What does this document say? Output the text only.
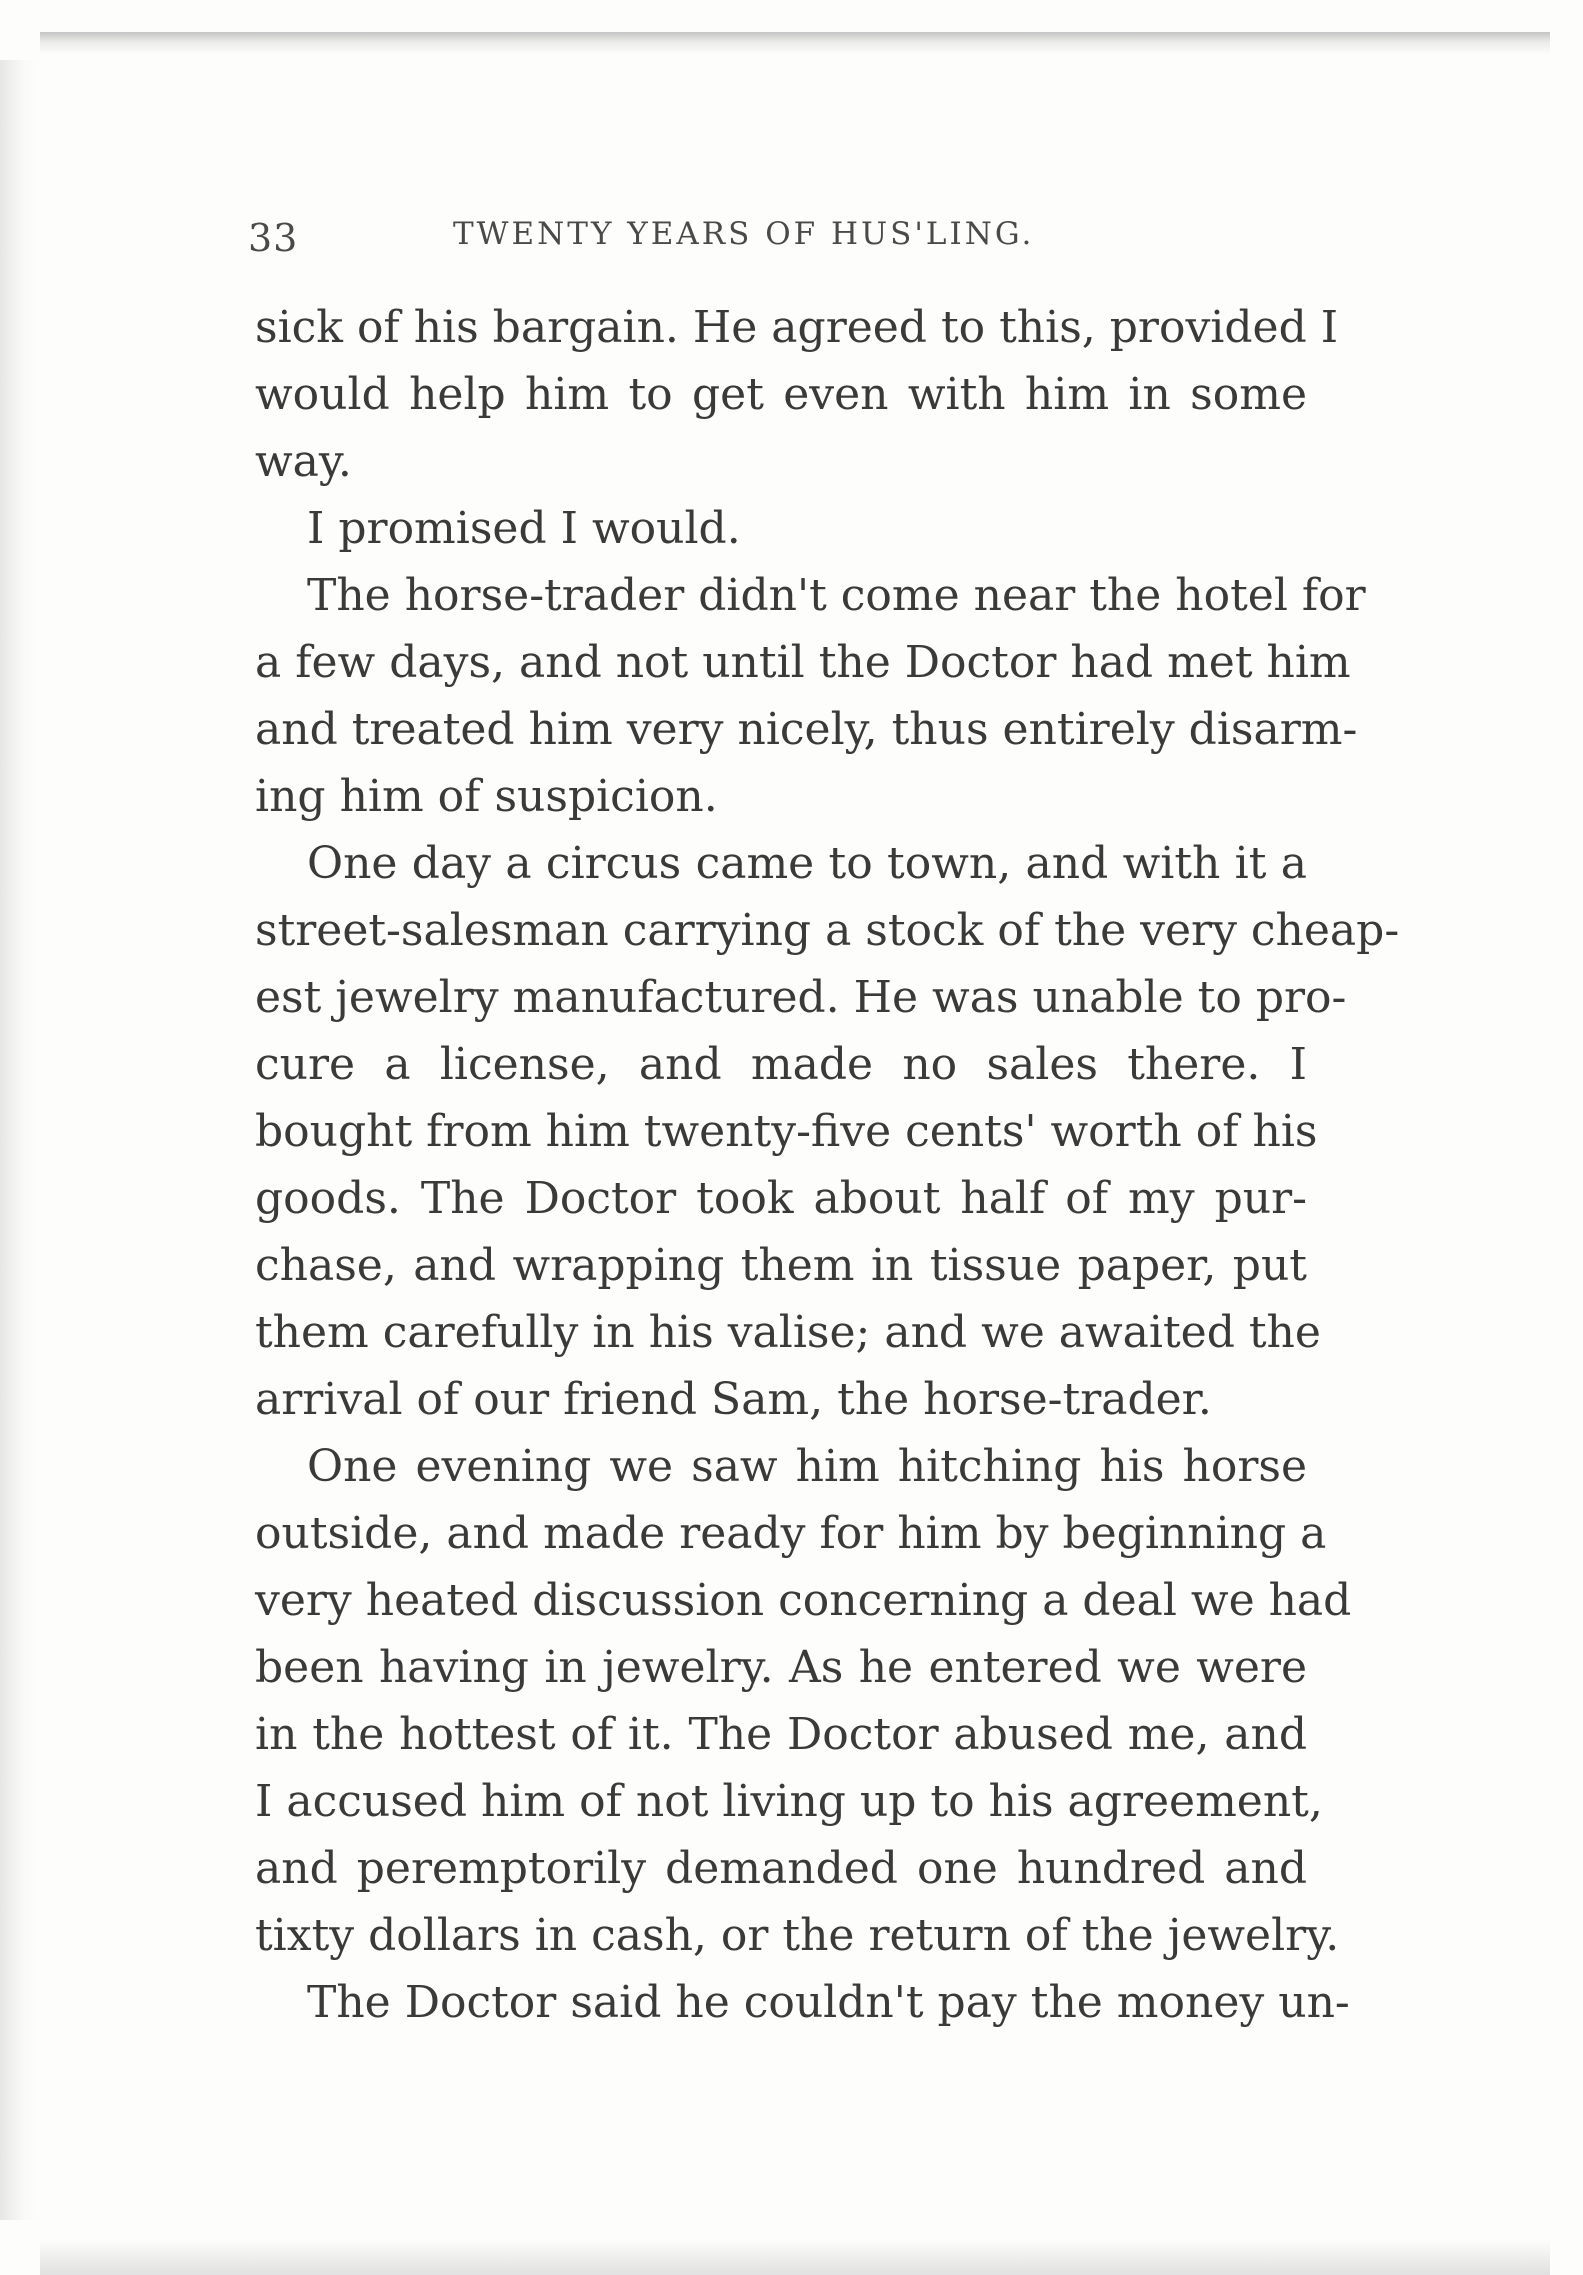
33	TWENTY YEARS OF HUS'LING.
sick of his bargain. He agreed to this, provided I
would help him to get even with him in some
way.
I promised I would.
The horse-trader didn't come near the hotel for
a few days, and not until the Doctor had met him
and treated him very nicely, thus entirely disarm-
ing him of suspicion.
One day a circus came to town, and with it a
street-salesman carrying a stock of the very cheap-
est jewelry manufactured. He was unable to pro-
cure a license, and made no sales there. I
bought from him twenty-five cents' worth of his
goods. The Doctor took about half of my pur-
chase, and wrapping them in tissue paper, put
them carefully in his valise; and we awaited the
arrival of our friend Sam, the horse-trader.
One evening we saw him hitching his horse
outside, and made ready for him by beginning a
very heated discussion concerning a deal we had
been having in jewelry. As he entered we were
in the hottest of it. The Doctor abused me, and
I accused him of not living up to his agreement,
and peremptorily demanded one hundred and
tixty dollars in cash, or the return of the jewelry.
The Doctor said he couldn't pay the money un-
